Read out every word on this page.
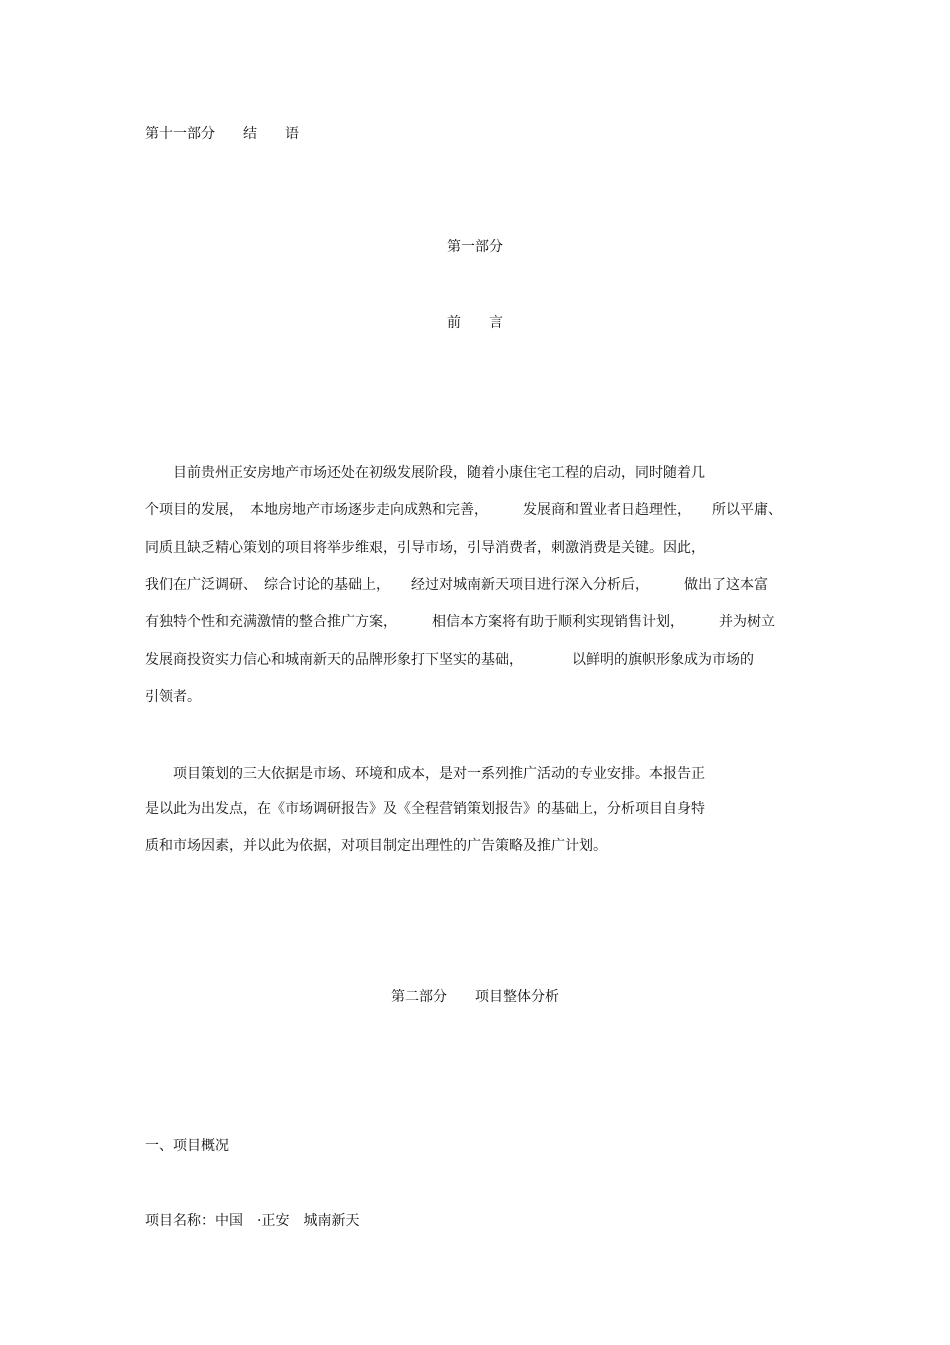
第十一部分　　结　　语
第一部分
前　　言
　　目前贵州正安房地产市场还处在初级发展阶段，随着小康住宅工程的启动，同时随着几
个项目的发展，　本地房地产市场逐步走向成熟和完善，　　　发展商和置业者日趋理性，　　所以平庸、
同质且缺乏精心策划的项目将举步维艰，引导市场，引导消费者，刺激消费是关键。因此，
我们在广泛调研、　综合讨论的基础上，　　经过对城南新天项目进行深入分析后，　　　做出了这本富
有独特个性和充满激情的整合推广方案，　　　相信本方案将有助于顺利实现销售计划，　　　并为树立
发展商投资实力信心和城南新天的品牌形象打下坚实的基础，　　　　以鲜明的旗帜形象成为市场的
引领者。
　　项目策划的三大依据是市场、环境和成本，是对一系列推广活动的专业安排。本报告正
是以此为出发点，在《市场调研报告》及《全程营销策划报告》的基础上，分析项目自身特
质和市场因素，并以此为依据，对项目制定出理性的广告策略及推广计划。
第二部分　　项目整体分析
一、项目概况
项目名称：中国　·正安　城南新天
